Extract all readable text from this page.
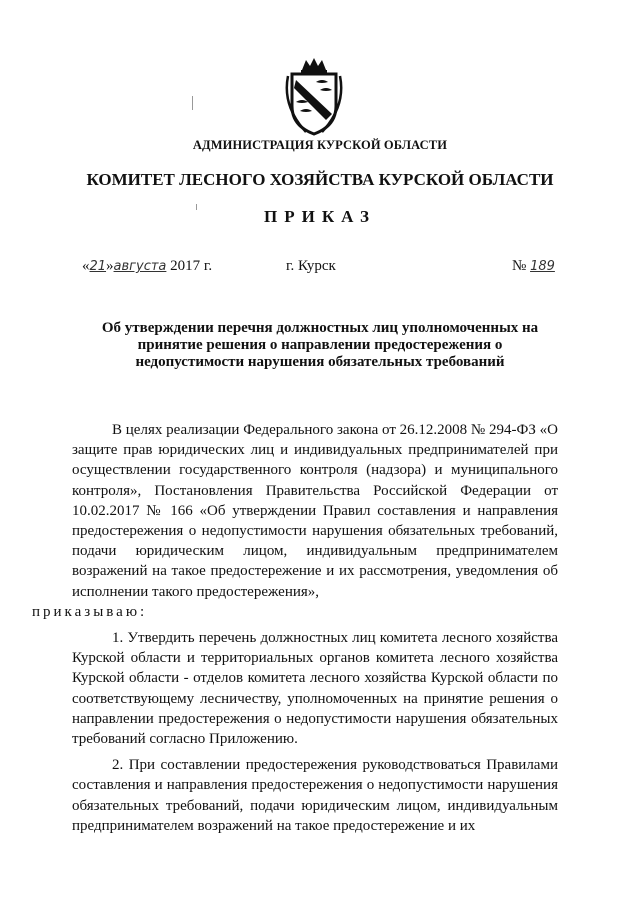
АДМИНИСТРАЦИЯ КУРСКОЙ ОБЛАСТИ
КОМИТЕТ ЛЕСНОГО ХОЗЯЙСТВА КУРСКОЙ ОБЛАСТИ
ПРИКАЗ
«21»августа 2017 г.	г. Курск	№ 189
Об утверждении перечня должностных лиц уполномоченных на принятие решения о направлении предостережения о недопустимости нарушения обязательных требований

В целях реализации Федерального закона от 26.12.2008 № 294-ФЗ «О защите прав юридических лиц и индивидуальных предпринимателей при осуществлении государственного контроля (надзора) и муниципального контроля», Постановления Правительства Российской Федерации от 10.02.2017 № 166 «Об утверждении Правил составления и направления предостережения о недопустимости нарушения обязательных требований, подачи юридическим лицом, индивидуальным предпринимателем возражений на такое предостережение и их рассмотрения, уведомления об исполнении такого предостережения»,
приказываю:

1. Утвердить перечень должностных лиц комитета лесного хозяйства Курской области и территориальных органов комитета лесного хозяйства Курской области - отделов комитета лесного хозяйства Курской области по соответствующему лесничеству, уполномоченных на принятие решения о направлении предостережения о недопустимости нарушения обязательных требований согласно Приложению.

2. При составлении предостережения руководствоваться Правилами составления и направления предостережения о недопустимости нарушения обязательных требований, подачи юридическим лицом, индивидуальным предпринимателем возражений на такое предостережение и их
